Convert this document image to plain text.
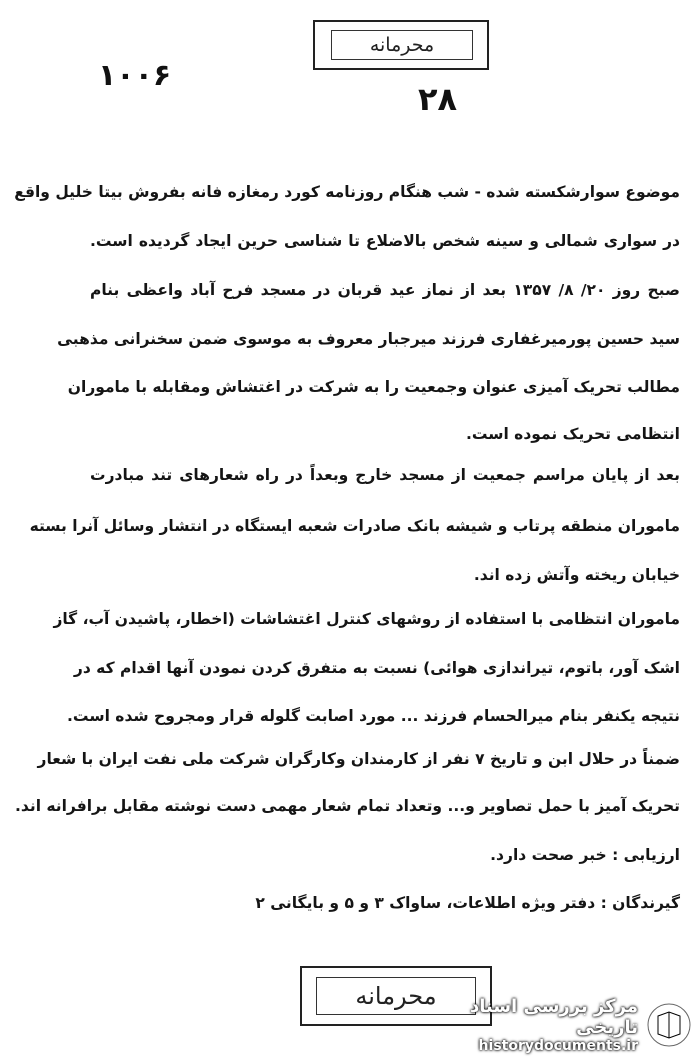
محرمانه
۱۰۰۶
۲۸
موضوع سوارشکسته شده - شب هنگام روزنامه کورد رمغازه فانه بفروش بیتا خلیل واقع
در سواری شمالی و سینه شخص بالاضلاع تا شناسی حرین ایجاد گردیده است.
صبح روز ۲۰/ ۸/ ۱۳۵۷ بعد از نماز عید قربان در مسجد فرح آباد واعظی بنام
سید حسین پورمیرغفاری فرزند میرجبار معروف به موسوی ضمن سخنرانی مذهبی
مطالب تحریک آمیزی عنوان وجمعیت را به شرکت در اغتشاش ومقابله با ماموران
انتظامی تحریک نموده است.
بعد از پایان مراسم جمعیت از مسجد خارج وبعداً در راه شعارهای تند مبادرت
ماموران منطقه پرتاب و شیشه بانک صادرات شعبه ایستگاه در انتشار وسائل آنرا بسته
خیابان ریخته وآتش زده اند.
ماموران انتظامی با استفاده از روشهای کنترل اغتشاشات (اخطار، پاشیدن آب، گاز
اشک آور، باتوم، تیراندازی هوائی) نسبت به متفرق کردن نمودن آنها اقدام که در
نتیجه یکنفر بنام میرالحسام فرزند ... مورد اصابت گلوله قرار ومجروح شده است.
ضمناً در حلال ابن و تاریخ ۷ نفر از کارمندان وکارگران شرکت ملی نفت ایران با شعار
تحریک آمیز با حمل تصاویر و... وتعداد تمام شعار مهمی دست نوشته مقابل برافرانه اند.
ارزیابی : خبر صحت دارد.
گیرندگان : دفتر ویژه اطلاعات، ساواک ۳ و ۵ و بایگانی ۲
محرمانه	مرکز بررسی اسناد تاریخی
historydocuments.ir
